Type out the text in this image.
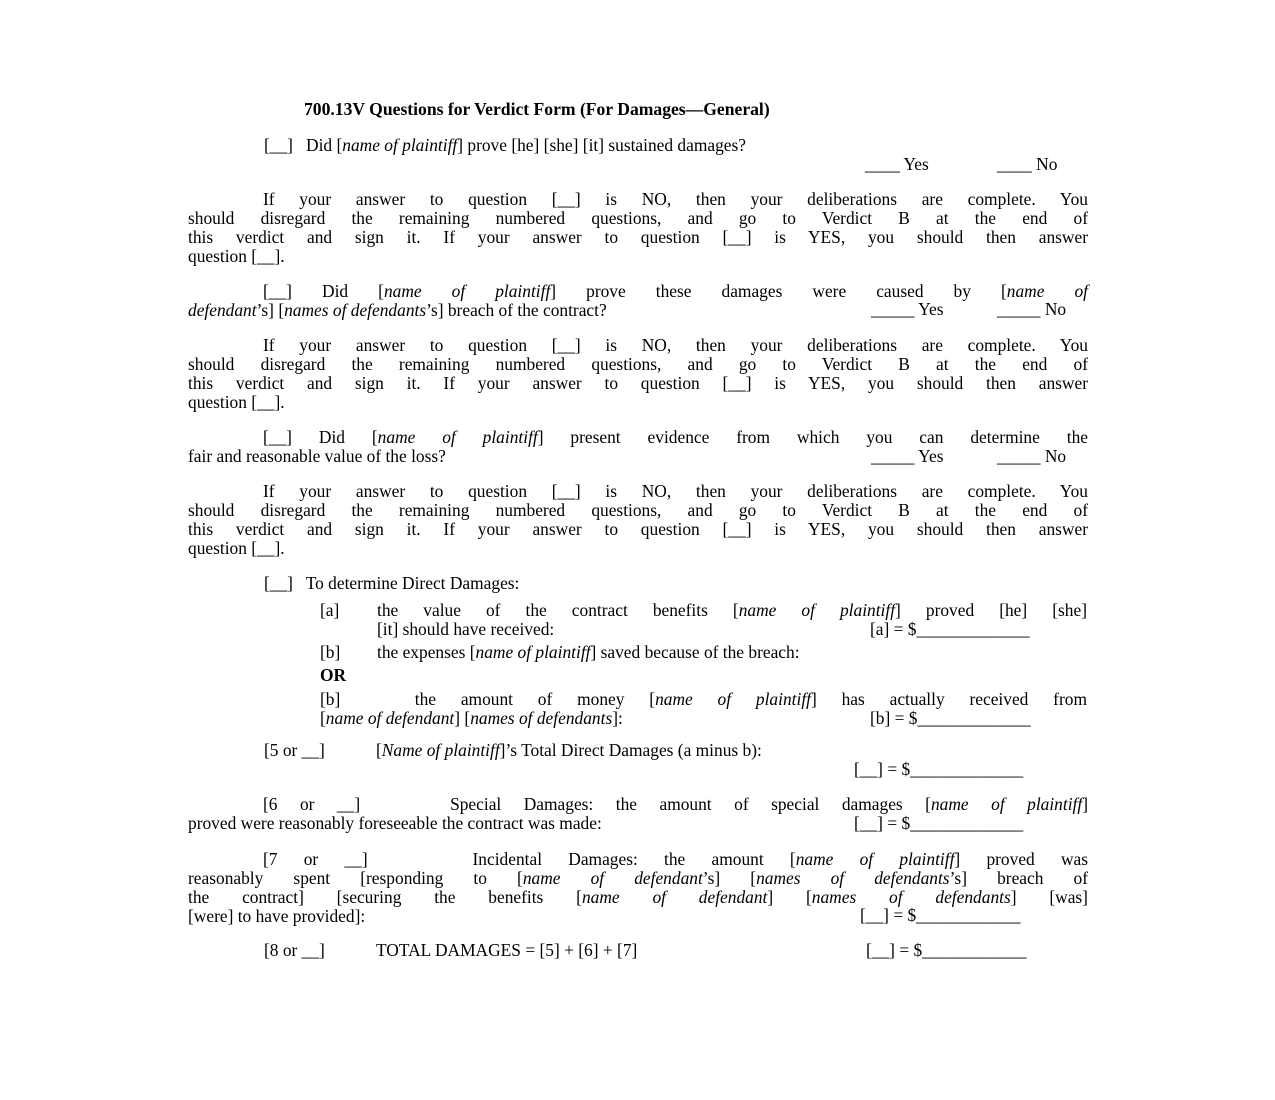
700.13V Questions for Verdict Form (For Damages—General)
[__] Did [name of plaintiff] prove [he] [she] [it] sustained damages?
____ Yes	____ No
If your answer to question [__] is NO, then your deliberations are complete. You
should disregard the remaining numbered questions, and go to Verdict B at the end of
this verdict and sign it. If your answer to question [__] is YES, you should then answer
question [__].
[__] Did [name of plaintiff] prove these damages were caused by [name of
defendant’s] [names of defendants’s] breach of the contract?	_____ Yes	_____ No
If your answer to question [__] is NO, then your deliberations are complete. You
should disregard the remaining numbered questions, and go to Verdict B at the end of
this verdict and sign it. If your answer to question [__] is YES, you should then answer
question [__].
[__] Did [name of plaintiff] present evidence from which you can determine the
fair and reasonable value of the loss?	_____ Yes	_____ No
If your answer to question [__] is NO, then your deliberations are complete. You
should disregard the remaining numbered questions, and go to Verdict B at the end of
this verdict and sign it. If your answer to question [__] is YES, you should then answer
question [__].
[__] To determine Direct Damages:
[a] the value of the contract benefits [name of plaintiff] proved [he] [she]
[it] should have received:	[a] = $_____________
[b] the expenses [name of plaintiff] saved because of the breach:
OR
[b]	the amount of money [name of plaintiff] has actually received from
[name of defendant] [names of defendants]:	[b] = $_____________
[5 or __]	[Name of plaintiff]’s Total Direct Damages (a minus b):
[__] = $_____________
[6 or __]	Special Damages: the amount of special damages [name of plaintiff]
proved were reasonably foreseeable the contract was made:	[__] = $_____________
[7 or __]	Incidental Damages: the amount [name of plaintiff] proved was
reasonably spent [responding to [name of defendant’s] [names of defendants’s] breach of
the contract] [securing the benefits [name of defendant] [names of defendants] [was]
[were] to have provided]:	[__] = $____________
[8 or __]	TOTAL DAMAGES = [5] + [6] + [7]	[__] = $____________
